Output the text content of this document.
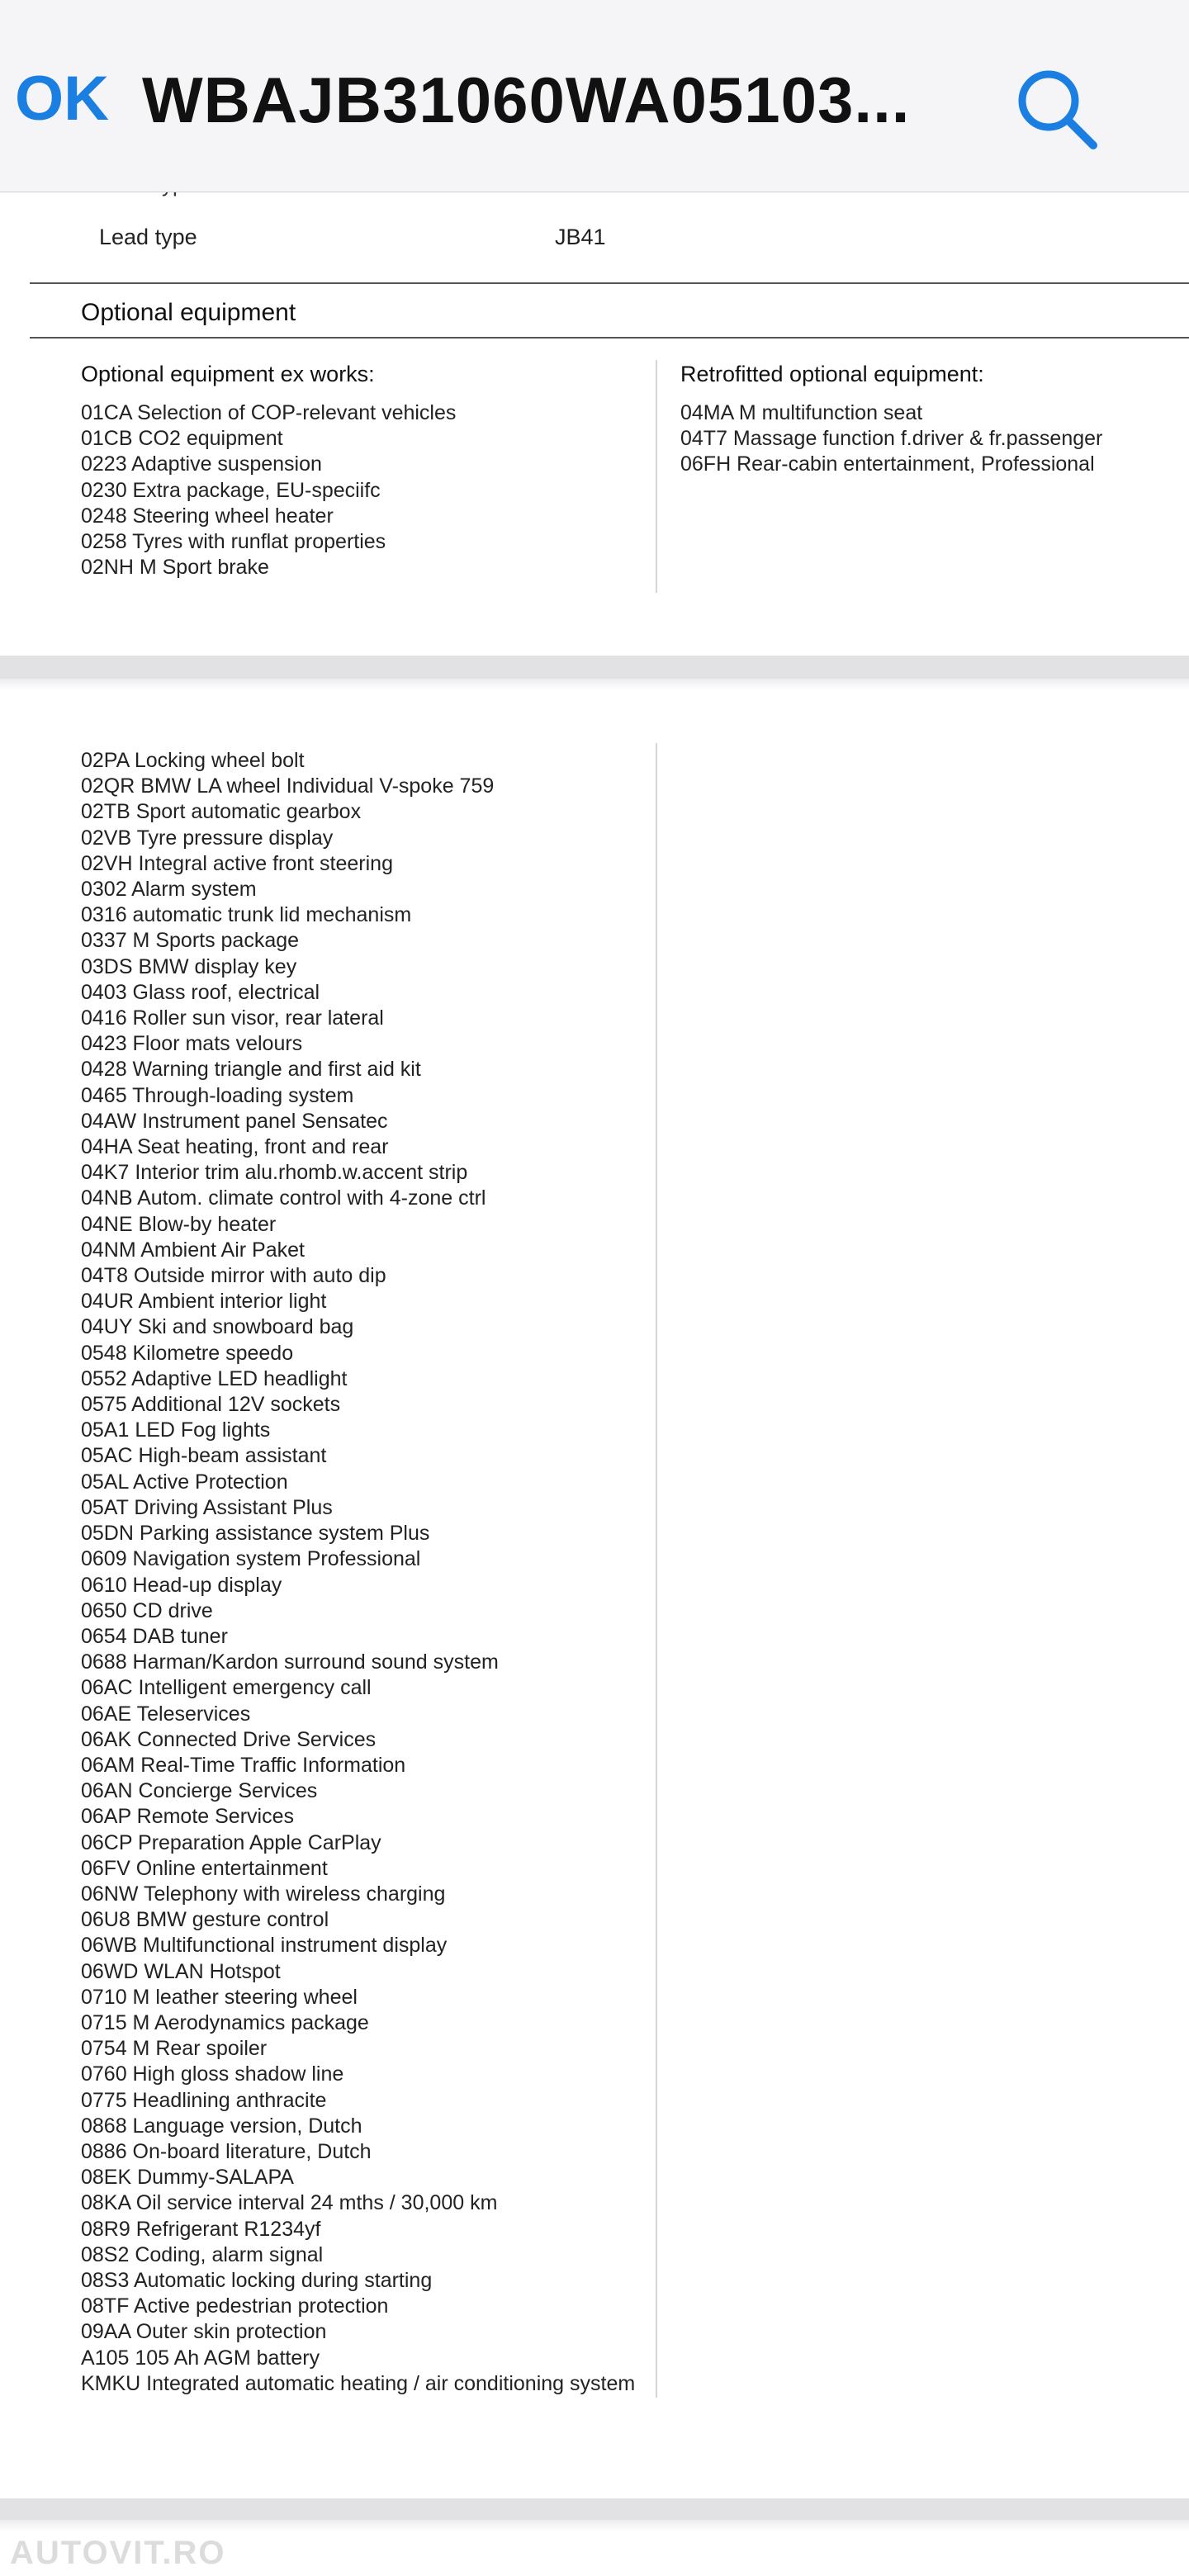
OK WBAJB31060WA05103...
Lead type	JB41
Optional equipment
Optional equipment ex works:	Retrofitted optional equipment:
01CA Selection of COP-relevant vehicles
01CB CO2 equipment
0223 Adaptive suspension
0230 Extra package, EU-speciifc
0248 Steering wheel heater
0258 Tyres with runflat properties
02NH M Sport brake
04MA M multifunction seat
04T7 Massage function f.driver & fr.passenger
06FH Rear-cabin entertainment, Professional
02PA Locking wheel bolt
02QR BMW LA wheel Individual V-spoke 759
02TB Sport automatic gearbox
02VB Tyre pressure display
02VH Integral active front steering
0302 Alarm system
0316 automatic trunk lid mechanism
0337 M Sports package
03DS BMW display key
0403 Glass roof, electrical
0416 Roller sun visor, rear lateral
0423 Floor mats velours
0428 Warning triangle and first aid kit
0465 Through-loading system
04AW Instrument panel Sensatec
04HA Seat heating, front and rear
04K7 Interior trim alu.rhomb.w.accent strip
04NB Autom. climate control with 4-zone ctrl
04NE Blow-by heater
04NM Ambient Air Paket
04T8 Outside mirror with auto dip
04UR Ambient interior light
04UY Ski and snowboard bag
0548 Kilometre speedo
0552 Adaptive LED headlight
0575 Additional 12V sockets
05A1 LED Fog lights
05AC High-beam assistant
05AL Active Protection
05AT Driving Assistant Plus
05DN Parking assistance system Plus
0609 Navigation system Professional
0610 Head-up display
0650 CD drive
0654 DAB tuner
0688 Harman/Kardon surround sound system
06AC Intelligent emergency call
06AE Teleservices
06AK Connected Drive Services
06AM Real-Time Traffic Information
06AN Concierge Services
06AP Remote Services
06CP Preparation Apple CarPlay
06FV Online entertainment
06NW Telephony with wireless charging
06U8 BMW gesture control
06WB Multifunctional instrument display
06WD WLAN Hotspot
0710 M leather steering wheel
0715 M Aerodynamics package
0754 M Rear spoiler
0760 High gloss shadow line
0775 Headlining anthracite
0868 Language version, Dutch
0886 On-board literature, Dutch
08EK Dummy-SALAPA
08KA Oil service interval 24 mths / 30,000 km
08R9 Refrigerant R1234yf
08S2 Coding, alarm signal
08S3 Automatic locking during starting
08TF Active pedestrian protection
09AA Outer skin protection
A105 105 Ah AGM battery
KMKU Integrated automatic heating / air conditioning system
AUTOVIT.RO
